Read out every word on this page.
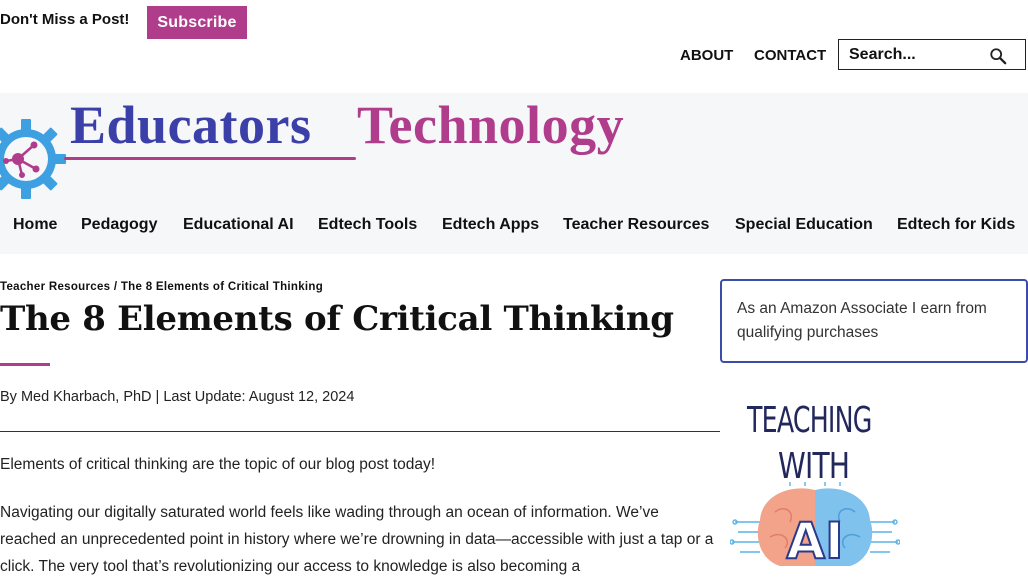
Don't Miss a Post!	Subscribe
ABOUT CONTACT
Search...
Educators Technology
Home Pedagogy Educational AI Edtech Tools Edtech Apps Teacher Resources Special Education Edtech for Kids
Teacher Resources / The 8 Elements of Critical Thinking
The 8 Elements of Critical Thinking
By Med Kharbach, PhD | Last Update: August 12, 2024

Elements of critical thinking are the topic of our blog post today!

Navigating our digitally saturated world feels like wading through an ocean of information. We’ve reached an unprecedented point in history where we’re drowning in data—accessible with just a tap or a click. The very tool that’s revolutionizing our access to knowledge is also becoming a

As an Amazon Associate I earn from qualifying purchases
TEACHING
WITH
AI
